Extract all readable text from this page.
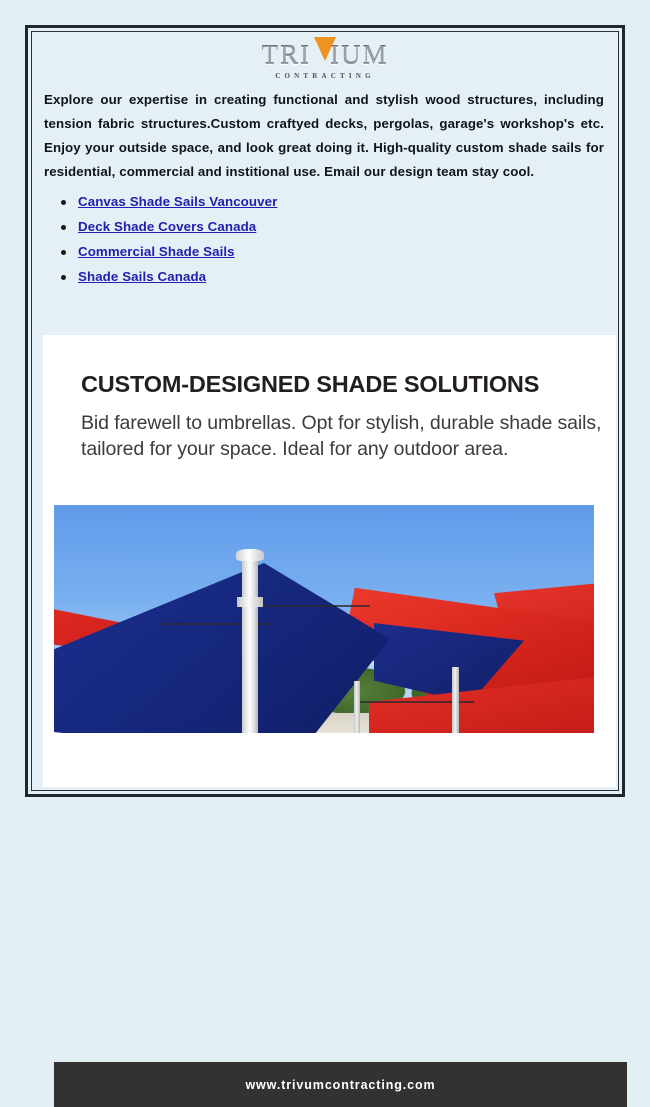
TRI IUM
CONTRACTING

Explore our expertise in creating functional and stylish wood structures, including tension fabric structures.Custom craftyed decks, pergolas, garage's workshop's etc. Enjoy your outside space, and look great doing it. High-quality custom shade sails for residential, commercial and institional use. Email our design team stay cool.

Canvas Shade Sails Vancouver
Deck Shade Covers Canada
Commercial Shade Sails
Shade Sails Canada
CUSTOM-DESIGNED SHADE SOLUTIONS

Bid farewell to umbrellas. Opt for stylish, durable shade sails, tailored for your space. Ideal for any outdoor area.

www.trivumcontracting.com
